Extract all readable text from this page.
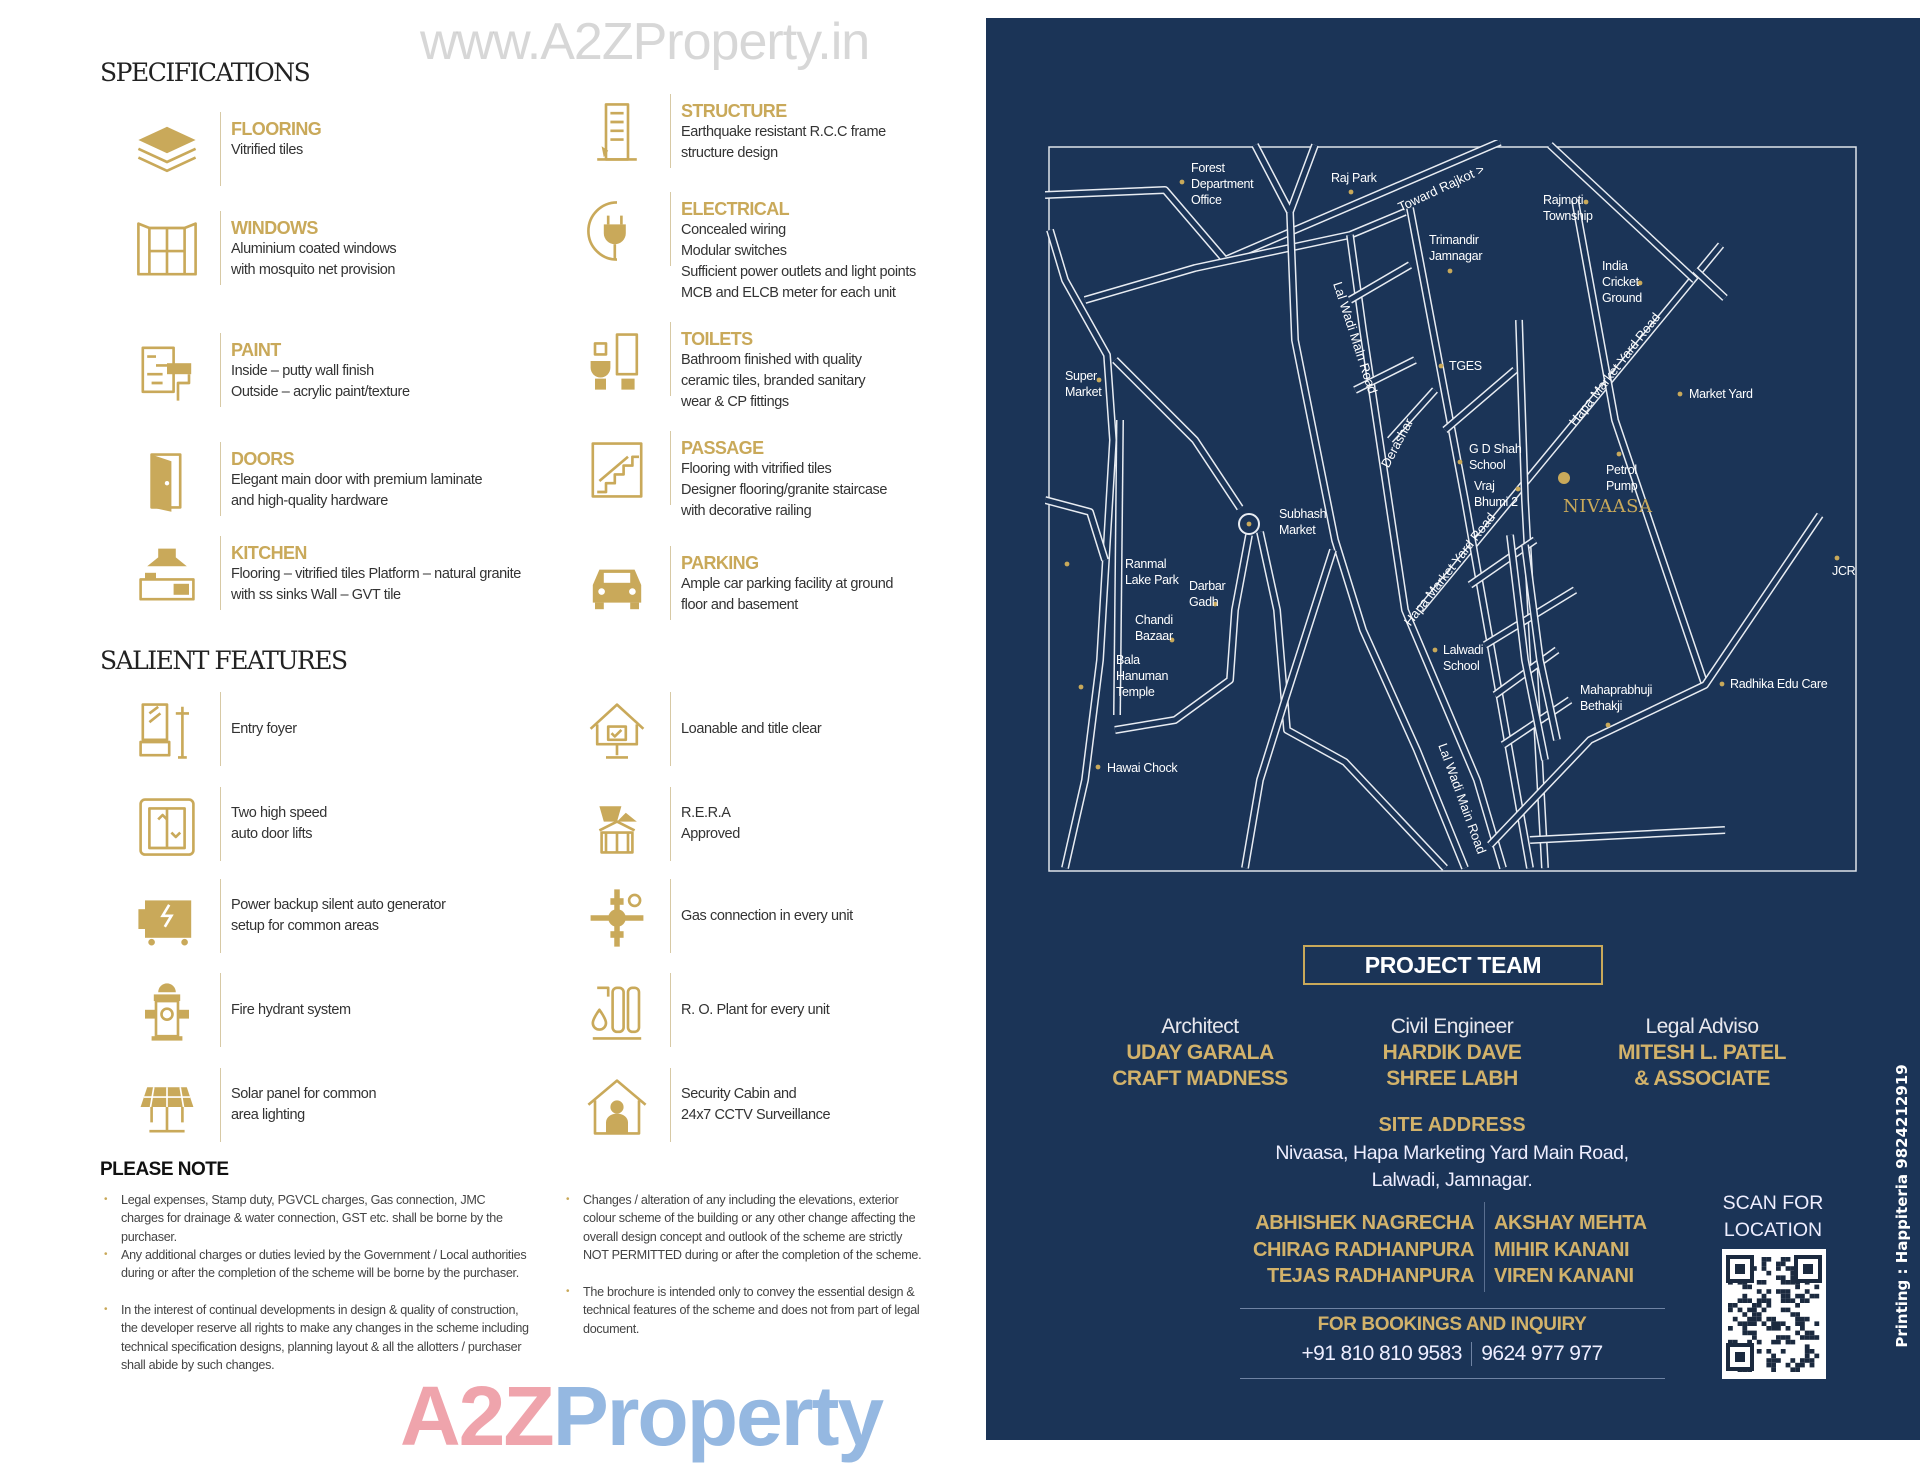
SPECIFICATIONS
FLOORING
Vitrified tiles
WINDOWS
Aluminium coated windows
with mosquito net provision
PAINT
Inside – putty wall finish
Outside – acrylic paint/texture
DOORS
Elegant main door with premium laminate
and high-quality hardware
KITCHEN
Flooring – vitrified tiles Platform – natural granite
with ss sinks Wall – GVT tile
STRUCTURE
Earthquake resistant R.C.C frame
structure design
ELECTRICAL
Concealed wiring
Modular switches
Sufficient power outlets and light points
MCB and ELCB meter for each unit
TOILETS
Bathroom finished with quality
ceramic tiles, branded sanitary
wear & CP fittings
PASSAGE
Flooring with vitrified tiles
Designer flooring/granite staircase
with decorative railing
PARKING
Ample car parking facility at ground
floor and basement
SALIENT FEATURES
Entry foyer
Two high speed
auto door lifts
Power backup silent auto generator
setup for common areas
Fire hydrant system
Solar panel for common
area lighting
Loanable and title clear
R.E.R.A
Approved
Gas connection in every unit
R. O. Plant for every unit
Security Cabin and
24x7 CCTV Surveillance
PLEASE NOTE
• Legal expenses, Stamp duty, PGVCL charges, Gas connection, JMC charges for drainage & water connection, GST etc. shall be borne by the purchaser.
• Any additional charges or duties levied by the Government / Local authorities during or after the completion of the scheme will be borne by the purchaser.
• In the interest of continual developments in design & quality of construction, the developer reserve all rights to make any changes in the scheme including technical specification designs, planning layout & all the allotters / purchaser shall abide by such changes.
• Changes / alteration of any including the elevations, exterior colour scheme of the building or any other change affecting the overall design concept and outlook of the scheme are strictly NOT PERMITTED during or after the completion of the scheme.
• The brochure is intended only to convey the essential design & technical features of the scheme and does not from part of legal document.
Toward Rajkot >
Lal Wadi Main Road
Derashar
Hapa Market Yard Road
Hapa Market Yard Road
Lal Wadi Main Road
Forest Department Office
Raj Park
Rajmoti Township
Trimandir Jamnagar
India Cricket Ground
Super Market
TGES
Market Yard
G D Shah School	Petrol Pump
Vraj Bhumi 2
Subhash Market
Ranmal Lake Park Darbar Gadh
JCR
Chandi Bazaar
Lalwadi School
Bala Hanuman Temple
Radhika Edu Care
Mahaprabhuji Bethakji
Hawai Chock
NIVAASA
www.A2ZProperty.in
A2ZProperty
PROJECT TEAM
Architect
UDAY GARALA
CRAFT MADNESS
Civil Engineer
HARDIK DAVE
SHREE LABH
Legal Adviso
MITESH L. PATEL
& ASSOCIATE
SITE ADDRESS
Nivaasa, Hapa Marketing Yard Main Road,
Lalwadi, Jamnagar.
ABHISHEK NAGRECHA
CHIRAG RADHANPURA
TEJAS RADHANPURA
AKSHAY MEHTA
MIHIR KANANI
VIREN KANANI
FOR BOOKINGS AND INQUIRY
+91 810 810 9583 9624 977 977
SCAN FOR
LOCATION	Printing : Happiteria 9824212919
